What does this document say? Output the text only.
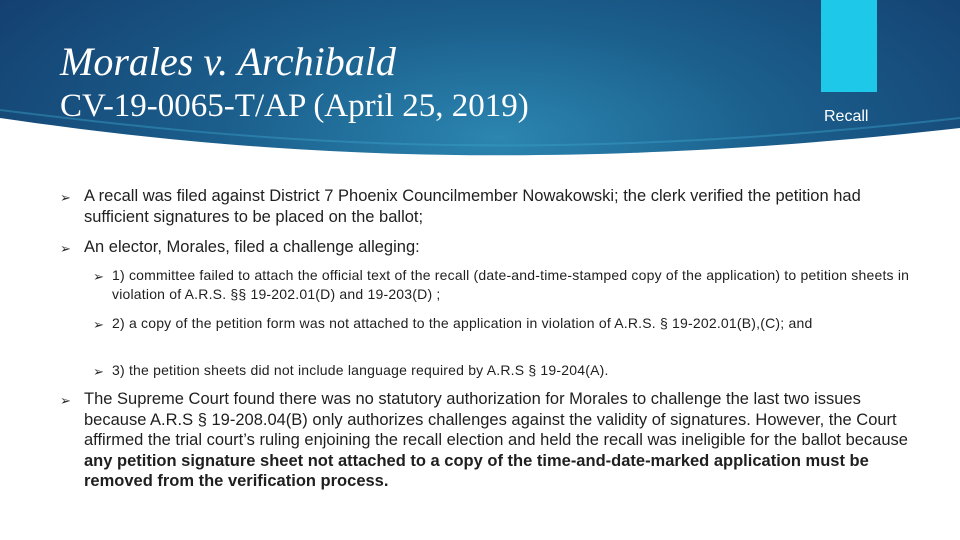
Morales v. Archibald
CV-19-0065-T/AP (April 25, 2019)	Recall
➢ A recall was filed against District 7 Phoenix Councilmember Nowakowski; the clerk verified the petition had sufficient signatures to be placed on the ballot;
➢ An elector, Morales, filed a challenge alleging:
➢ 1) committee failed to attach the official text of the recall (date-and-time-stamped copy of the application) to petition sheets in violation of A.R.S. §§ 19-202.01(D) and 19-203(D) ;
➢ 2) a copy of the petition form was not attached to the application in violation of A.R.S. § 19-202.01(B),(C); and
➢ 3) the petition sheets did not include language required by A.R.S § 19-204(A).
➢ The Supreme Court found there was no statutory authorization for Morales to challenge the last two issues because A.R.S § 19-208.04(B) only authorizes challenges against the validity of signatures. However, the Court affirmed the trial court’s ruling enjoining the recall election and held the recall was ineligible for the ballot because any petition signature sheet not attached to a copy of the time-and-date-marked application must be removed from the verification process.
